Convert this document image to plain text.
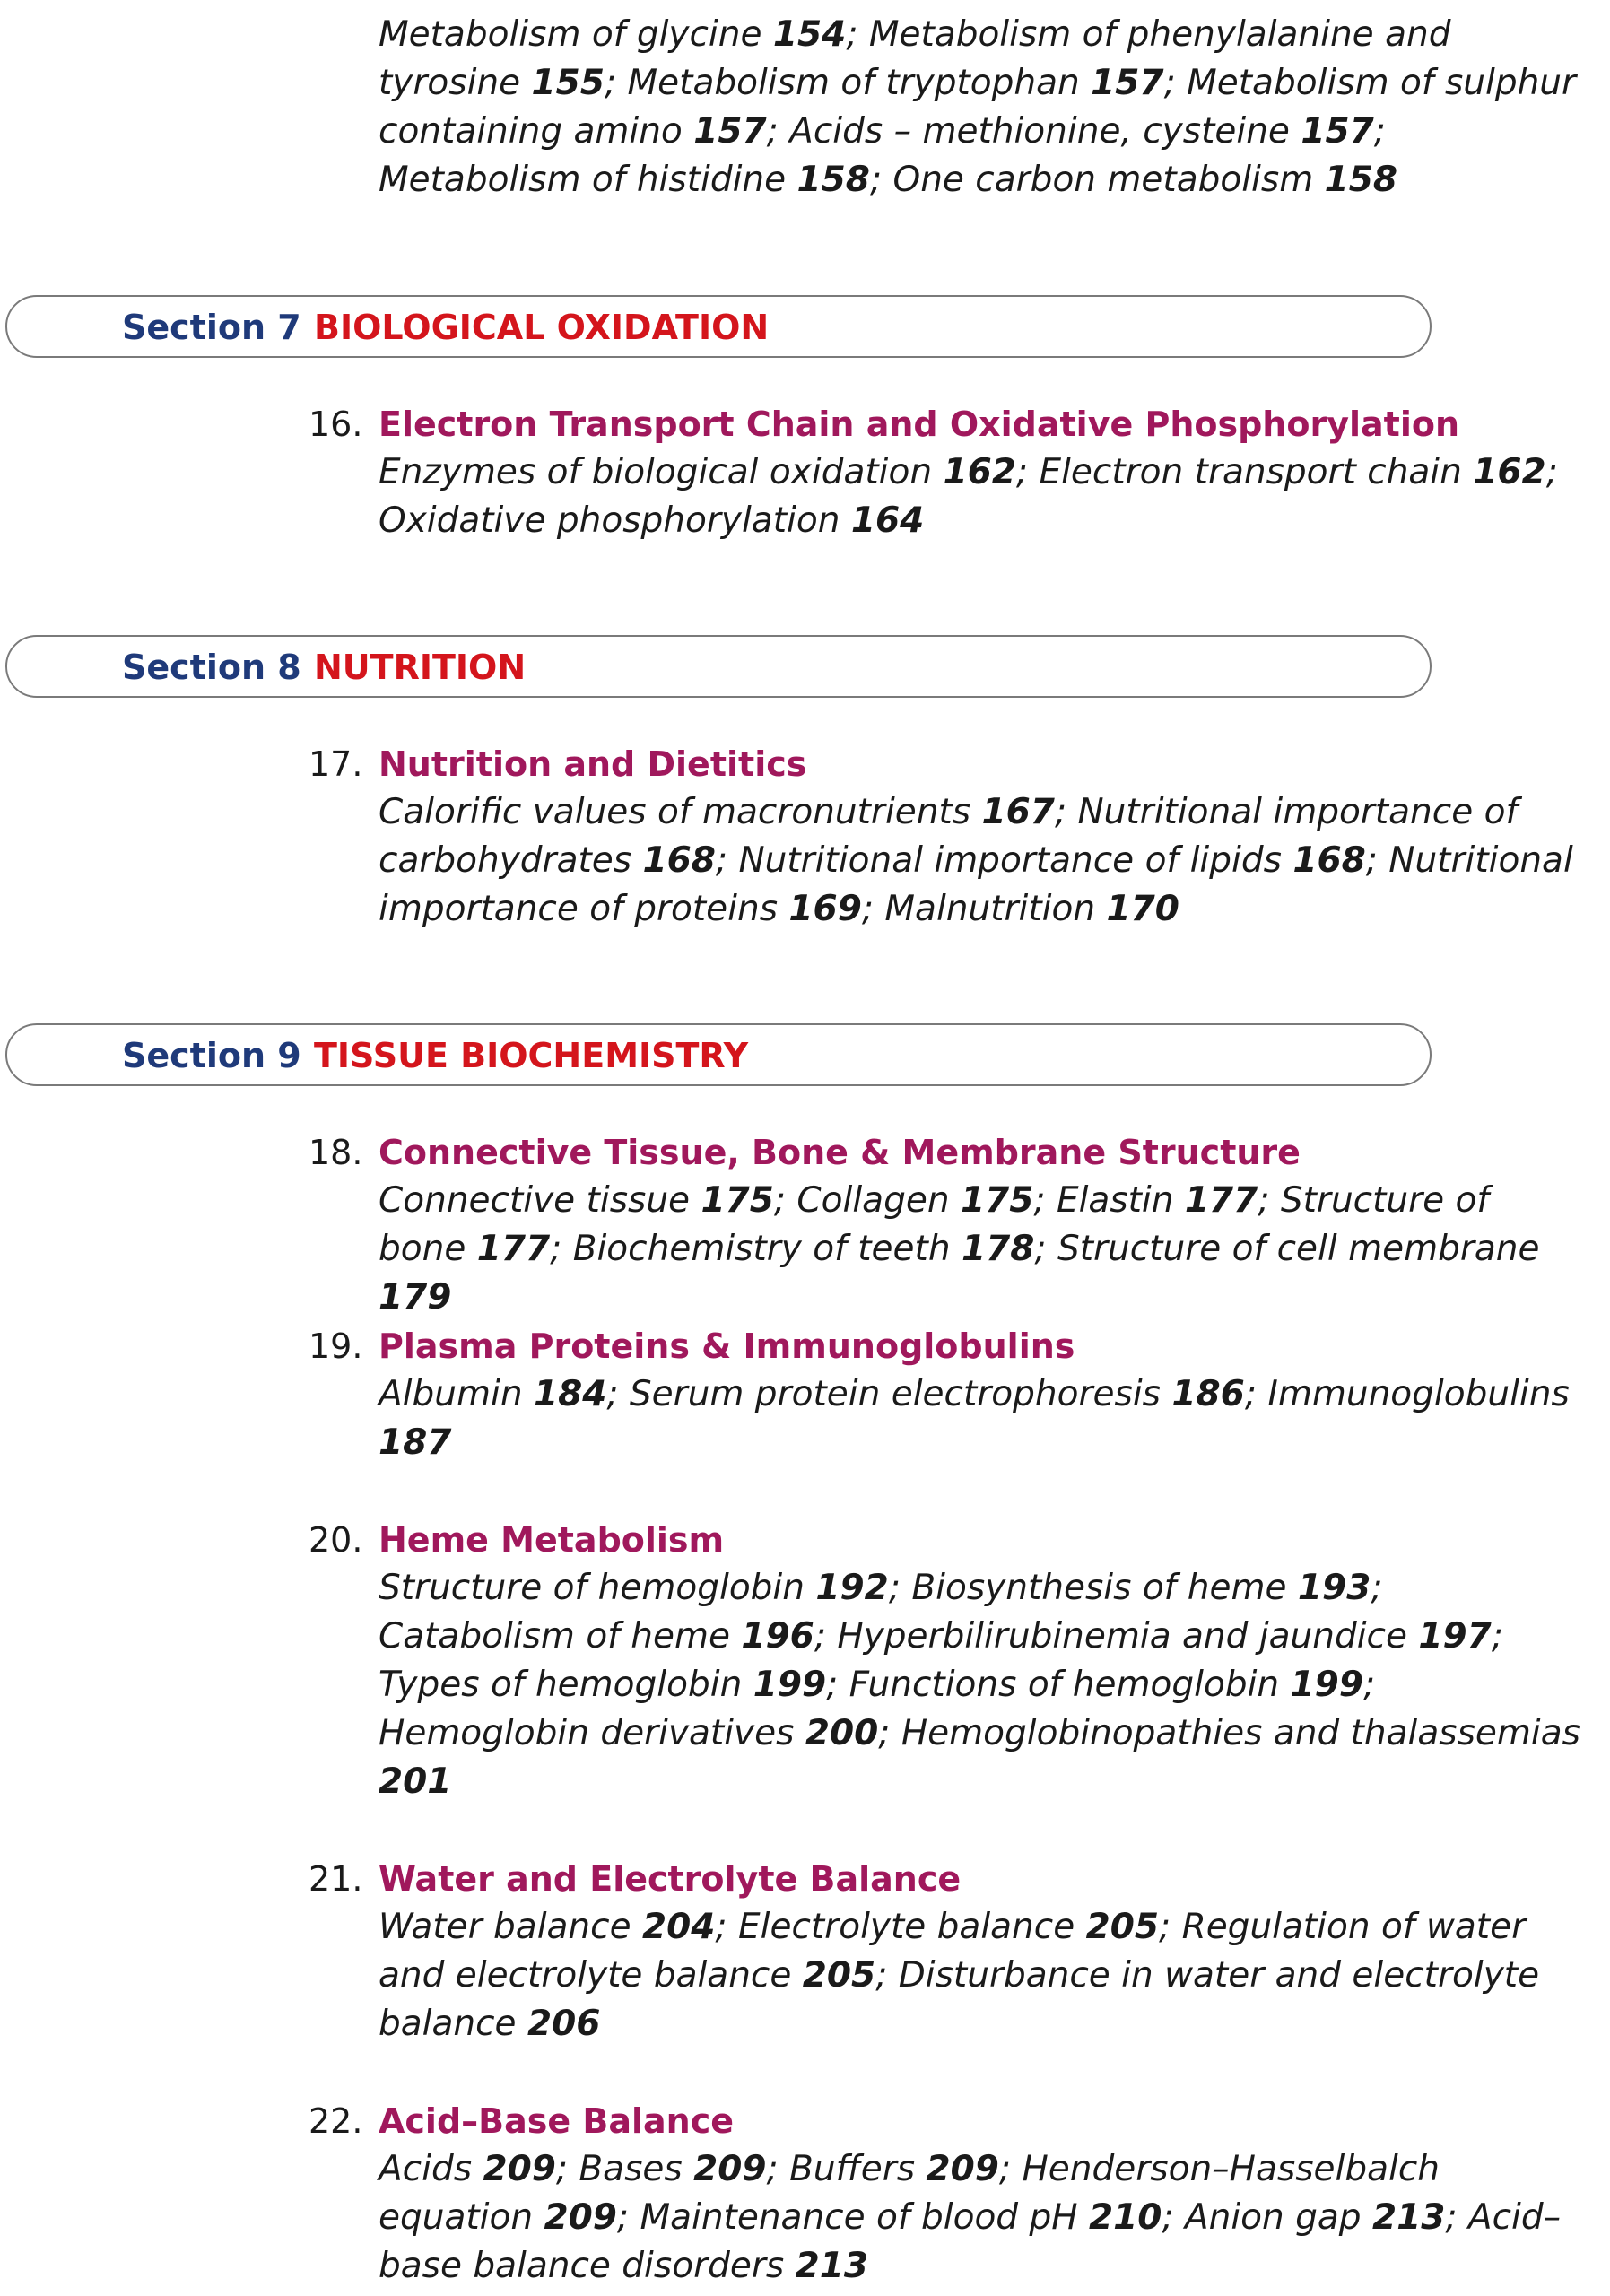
Metabolism of glycine 154; Metabolism of phenylalanine and tyrosine 155; Metabolism of tryptophan 157; Metabolism of sulphur containing amino 157; Acids – methionine, cysteine 157; Metabolism of histidine 158; One carbon metabolism 158
Section 7 BIOLOGICAL OXIDATION
16. Electron Transport Chain and Oxidative Phosphorylation
Enzymes of biological oxidation 162; Electron transport chain 162; Oxidative phosphorylation 164
Section 8 NUTRITION
17. Nutrition and Dietitics
Calorific values of macronutrients 167; Nutritional importance of carbohydrates 168; Nutritional importance of lipids 168; Nutritional importance of proteins 169; Malnutrition 170
Section 9 TISSUE BIOCHEMISTRY
18. Connective Tissue, Bone & Membrane Structure
Connective tissue 175; Collagen 175; Elastin 177; Structure of bone 177; Biochemistry of teeth 178; Structure of cell membrane 179
19. Plasma Proteins & Immunoglobulins
Albumin 184; Serum protein electrophoresis 186; Immunoglobulins 187
20. Heme Metabolism
Structure of hemoglobin 192; Biosynthesis of heme 193; Catabolism of heme 196; Hyperbilirubinemia and jaundice 197; Types of hemoglobin 199; Functions of hemoglobin 199; Hemoglobin derivatives 200; Hemoglobinopathies and thalassemias 201
21. Water and Electrolyte Balance
Water balance 204; Electrolyte balance 205; Regulation of water and electrolyte balance 205; Disturbance in water and electrolyte balance 206
22. Acid–Base Balance
Acids 209; Bases 209; Buffers 209; Henderson–Hasselbalch equation 209; Maintenance of blood pH 210; Anion gap 213; Acid–base balance disorders 213
